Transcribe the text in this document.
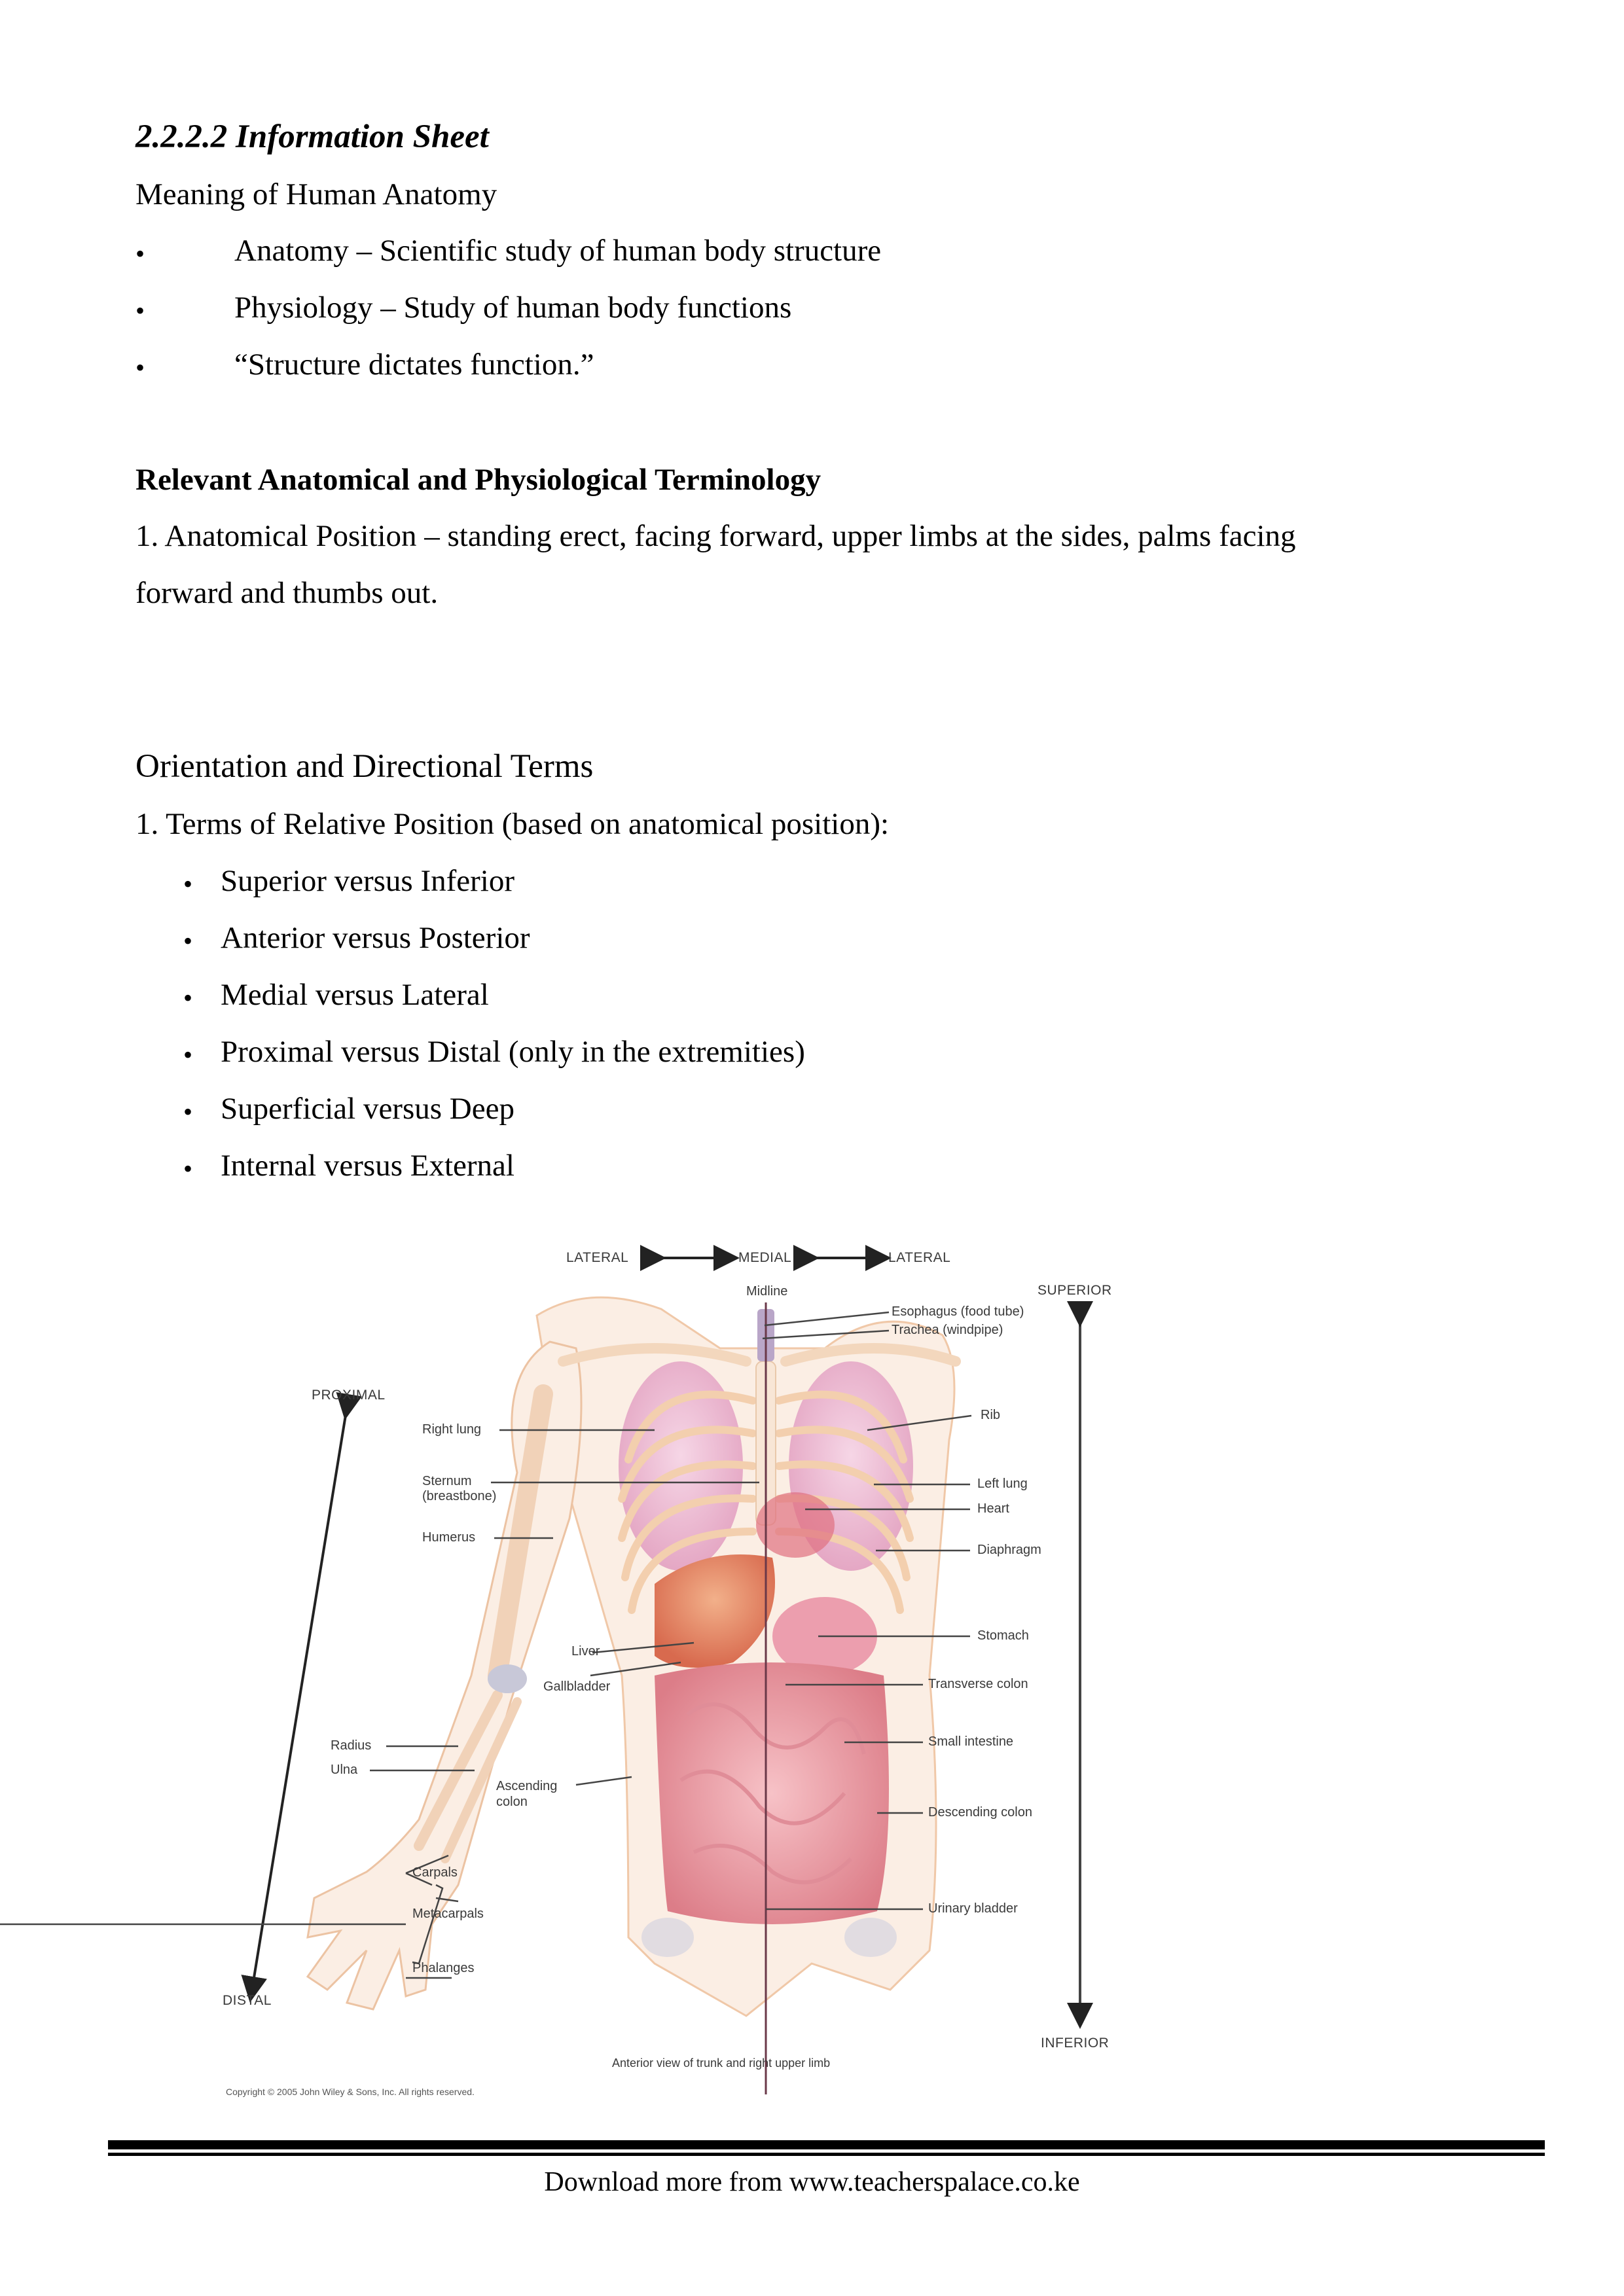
2.2.2.2 Information Sheet
Meaning of Human Anatomy
•	Anatomy – Scientific study of human body structure
•	Physiology – Study of human body functions
•	“Structure dictates function.”
Relevant Anatomical and Physiological Terminology
1. Anatomical Position – standing erect, facing forward, upper limbs at the sides, palms facing
forward and thumbs out.
Orientation and Directional Terms
1. Terms of Relative Position (based on anatomical position):
• Superior versus Inferior
• Anterior versus Posterior
• Medial versus Lateral
• Proximal versus Distal (only in the extremities)
• Superficial versus Deep
• Internal versus External
LATERAL	MEDIAL	LATERAL
Midline	SUPERIOR
INFERIOR
PROXIMAL
DISTAL
Right lung
Sternum
(breastbone)
Humerus
Liver
Gallbladder
Radius
Ulna
Ascending
colon
Carpals
Metacarpals
Phalanges
Esophagus (food tube)
Trachea (windpipe)
Rib
Left lung
Heart
Diaphragm
Stomach
Transverse colon
Small intestine
Descending colon
Urinary bladder
Anterior view of trunk and right upper limb
Copyright © 2005 John Wiley & Sons, Inc. All rights reserved.
Download more from www.teacherspalace.co.ke
